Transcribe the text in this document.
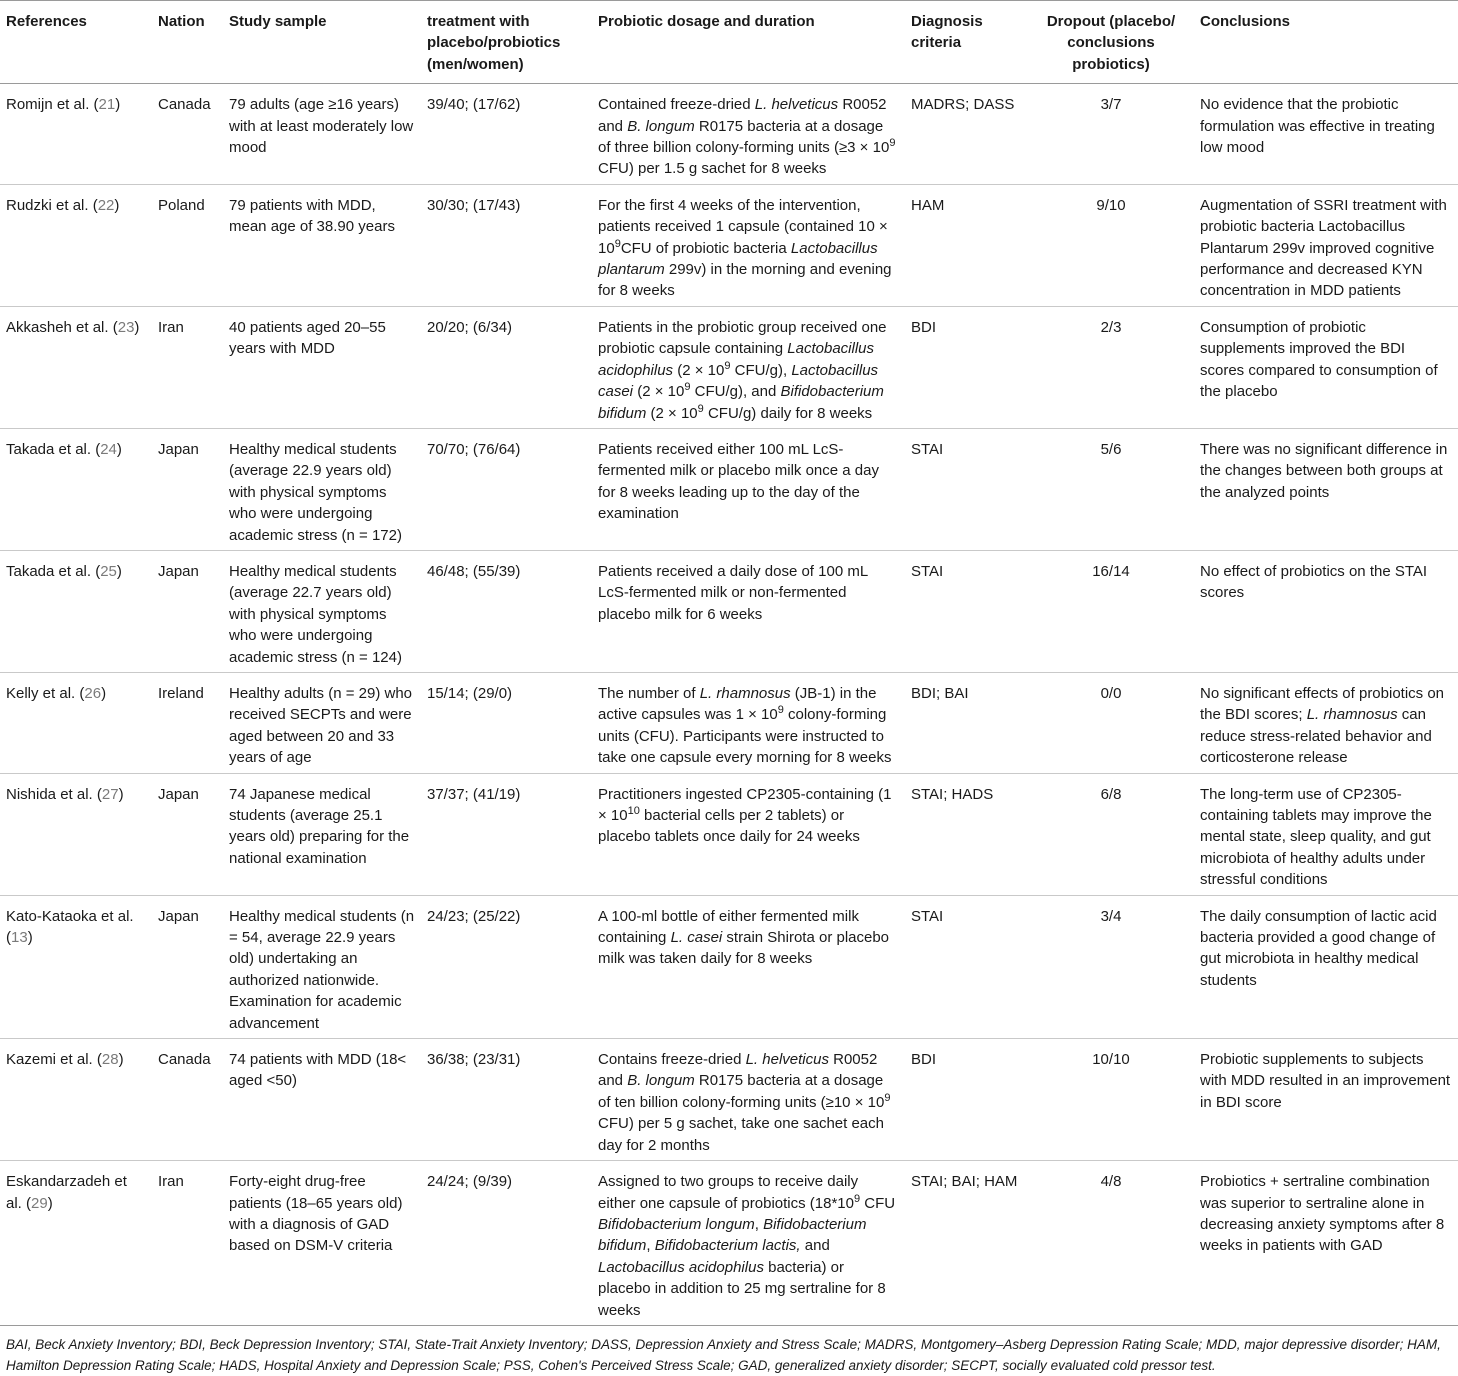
References	Nation	Study sample	treatment with placebo/probiotics (men/women)	Probiotic dosage and duration	Diagnosis criteria	Dropout (placebo/ conclusions probiotics)	Conclusions
Romijn et al. (21)	Canada	79 adults (age ≥16 years) with at least moderately low mood	39/40; (17/62)	Contained freeze-dried L. helveticus R0052 and B. longum R0175 bacteria at a dosage of three billion colony-forming units ($\ge 3 \times 10^9$ CFU) per 1.5 g sachet for 8 weeks	MADRS; DASS	3/7	No evidence that the probiotic formulation was effective in treating low mood
Rudzki et al. (22)	Poland	79 patients with MDD, mean age of 38.90 years	30/30; (17/43)	For the first 4 weeks of the intervention, patients received 1 capsule (contained $10 \times 10^9CFU$ of probiotic bacteria Lactobacillus plantarum 299v) in the morning and evening for 8 weeks	HAM	9/10	Augmentation of SSRI treatment with probiotic bacteria Lactobacillus Plantarum 299v improved cognitive performance and decreased KYN concentration in MDD patients
Akkasheh et al. (23)	Iran	40 patients aged 20–55 years with MDD	20/20; (6/34)	Patients in the probiotic group received one probiotic capsule containing Lactobacillus acidophilus ($2 \times 10^9$ CFU/g), Lactobacillus casei ($2 \times 10^9$ CFU/g), and Bifidobacterium bifidum ($2 \times 10^9$ CFU/g) daily for 8 weeks	BDI	2/3	Consumption of probiotic supplements improved the BDI scores compared to consumption of the placebo
Takada et al. (24)	Japan	Healthy medical students (average 22.9 years old) with physical symptoms who were undergoing academic stress (n = 172)	70/70; (76/64)	Patients received either 100 mL LcS-fermented milk or placebo milk once a day for 8 weeks leading up to the day of the examination	STAI	5/6	There was no significant difference in the changes between both groups at the analyzed points
Takada et al. (25)	Japan	Healthy medical students (average 22.7 years old) with physical symptoms who were undergoing academic stress (n = 124)	46/48; (55/39)	Patients received a daily dose of 100 mL LcS-fermented milk or non-fermented placebo milk for 6 weeks	STAI	16/14	No effect of probiotics on the STAI scores
Kelly et al. (26)	Ireland	Healthy adults (n = 29) who received SECPTs and were aged between 20 and 33 years of age	15/14; (29/0)	The number of L. rhamnosus (JB-1) in the active capsules was $1 \times 10^9$ colony-forming units (CFU). Participants were instructed to take one capsule every morning for 8 weeks	BDI; BAI	0/0	No significant effects of probiotics on the BDI scores; L. rhamnosus can reduce stress-related behavior and corticosterone release
Nishida et al. (27)	Japan	74 Japanese medical students (average 25.1 years old) preparing for the national examination	37/37; (41/19)	Practitioners ingested CP2305-containing ($1 \times 10^{10}$ bacterial cells per 2 tablets) or placebo tablets once daily for 24 weeks	STAI; HADS	6/8	The long-term use of CP2305-containing tablets may improve the mental state, sleep quality, and gut microbiota of healthy adults under stressful conditions
Kato-Kataoka et al. (13)	Japan	Healthy medical students (n = 54, average 22.9 years old) undertaking an authorized nationwide. Examination for academic advancement	24/23; (25/22)	A 100-ml bottle of either fermented milk containing L. casei strain Shirota or placebo milk was taken daily for 8 weeks	STAI	3/4	The daily consumption of lactic acid bacteria provided a good change of gut microbiota in healthy medical students
Kazemi et al. (28)	Canada	74 patients with MDD (18< aged <50)	36/38; (23/31)	Contains freeze-dried L. helveticus R0052 and B. longum R0175 bacteria at a dosage of ten billion colony-forming units ($\ge 10 \times 10^9$ CFU) per 5 g sachet, take one sachet each day for 2 months	BDI	10/10	Probiotic supplements to subjects with MDD resulted in an improvement in BDI score
Eskandarzadeh et al. (29)	Iran	Forty-eight drug-free patients (18–65 years old) with a diagnosis of GAD based on DSM-V criteria	24/24; (9/39)	Assigned to two groups to receive daily either one capsule of probiotics ($18*10^9$ CFU Bifidobacterium longum, Bifidobacterium bifidum, Bifidobacterium lactis, and Lactobacillus acidophilus bacteria) or placebo in addition to 25 mg sertraline for 8 weeks	STAI; BAI; HAM	4/8	Probiotics + sertraline combination was superior to sertraline alone in decreasing anxiety symptoms after 8 weeks in patients with GAD
BAI, Beck Anxiety Inventory; BDI, Beck Depression Inventory; STAI, State-Trait Anxiety Inventory; DASS, Depression Anxiety and Stress Scale; MADRS, Montgomery–Asberg Depression Rating Scale; MDD, major depressive disorder; HAM, Hamilton Depression Rating Scale; HADS, Hospital Anxiety and Depression Scale; PSS, Cohen's Perceived Stress Scale; GAD, generalized anxiety disorder; SECPT, socially evaluated cold pressor test.
